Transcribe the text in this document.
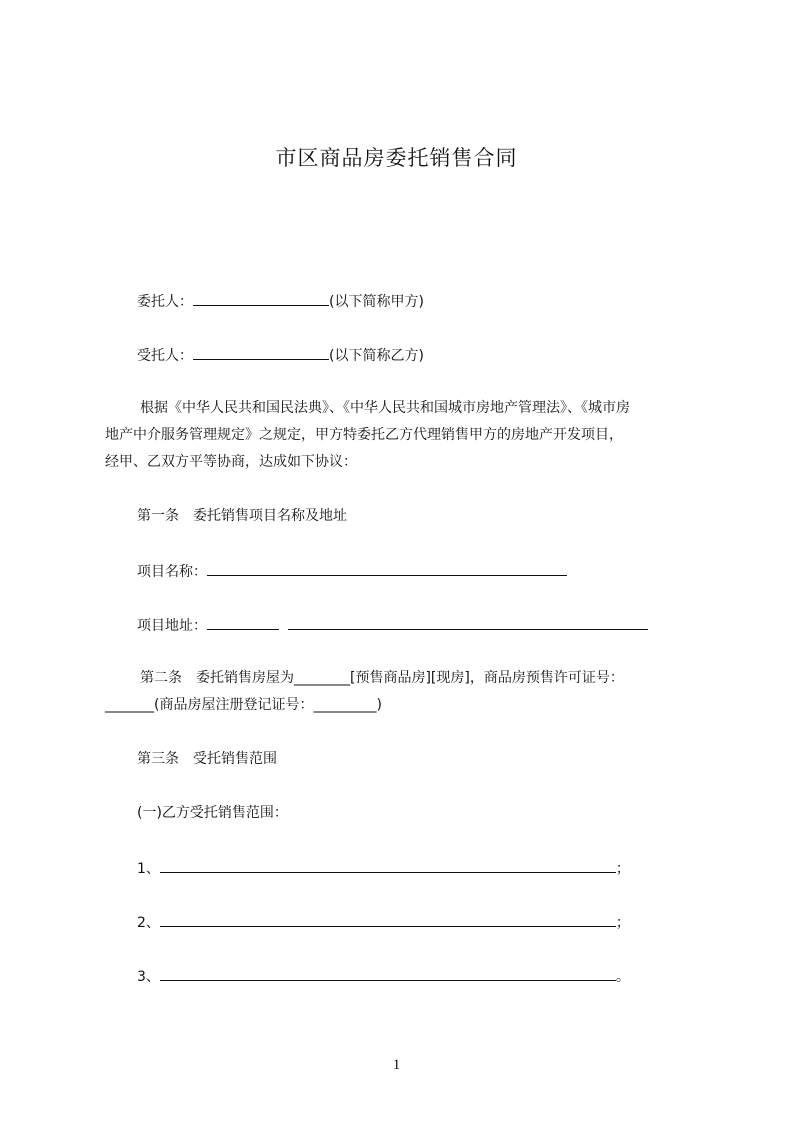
市区商品房委托销售合同
委托人：	(以下简称甲方)
受托人：	(以下简称乙方)
根据《中华人民共和国民法典》、《中华人民共和国城市房地产管理法》、《城市房
地产中介服务管理规定》之规定，甲方特委托乙方代理销售甲方的房地产开发项目，
经甲、乙双方平等协商，达成如下协议：
第一条　委托销售项目名称及地址
项目名称：
项目地址：
第二条　委托销售房屋为________[预售商品房][现房]，商品房预售许可证号：
_______(商品房屋注册登记证号：_________)
第三条　受托销售范围
(一)乙方受托销售范围：
1、	；
2、	；
3、	。
1
